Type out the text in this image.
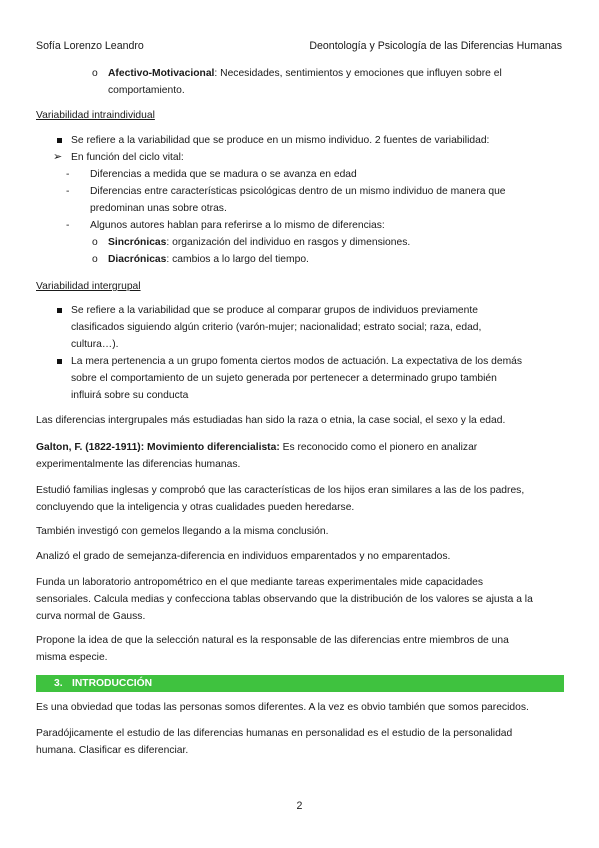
Sofía Lorenzo Leandro	Deontología y Psicología de las Diferencias Humanas
o Afectivo-Motivacional: Necesidades, sentimientos y emociones que influyen sobre el
comportamiento.
Variabilidad intraindividual
Se refiere a la variabilidad que se produce en un mismo individuo. 2 fuentes de variabilidad:
➢ En función del ciclo vital:
- Diferencias a medida que se madura o se avanza en edad
- Diferencias entre características psicológicas dentro de un mismo individuo de manera que
predominan unas sobre otras.
- Algunos autores hablan para referirse a lo mismo de diferencias:
o Sincrónicas: organización del individuo en rasgos y dimensiones.
o Diacrónicas: cambios a lo largo del tiempo.
Variabilidad intergrupal
Se refiere a la variabilidad que se produce al comparar grupos de individuos previamente
clasificados siguiendo algún criterio (varón-mujer; nacionalidad; estrato social; raza, edad,
cultura…).
La mera pertenencia a un grupo fomenta ciertos modos de actuación. La expectativa de los demás
sobre el comportamiento de un sujeto generada por pertenecer a determinado grupo también
influirá sobre su conducta
Las diferencias intergrupales más estudiadas han sido la raza o etnia, la case social, el sexo y la edad.
Galton, F. (1822-1911): Movimiento diferencialista: Es reconocido como el pionero en analizar
experimentalmente las diferencias humanas.
Estudió familias inglesas y comprobó que las características de los hijos eran similares a las de los padres,
concluyendo que la inteligencia y otras cualidades pueden heredarse.
También investigó con gemelos llegando a la misma conclusión.
Analizó el grado de semejanza-diferencia en individuos emparentados y no emparentados.
Funda un laboratorio antropométrico en el que mediante tareas experimentales mide capacidades
sensoriales. Calcula medias y confecciona tablas observando que la distribución de los valores se ajusta a la
curva normal de Gauss.
Propone la idea de que la selección natural es la responsable de las diferencias entre miembros de una
misma especie.
3. INTRODUCCIÓN
Es una obviedad que todas las personas somos diferentes. A la vez es obvio también que somos parecidos.
Paradójicamente el estudio de las diferencias humanas en personalidad es el estudio de la personalidad
humana. Clasificar es diferenciar.
2
